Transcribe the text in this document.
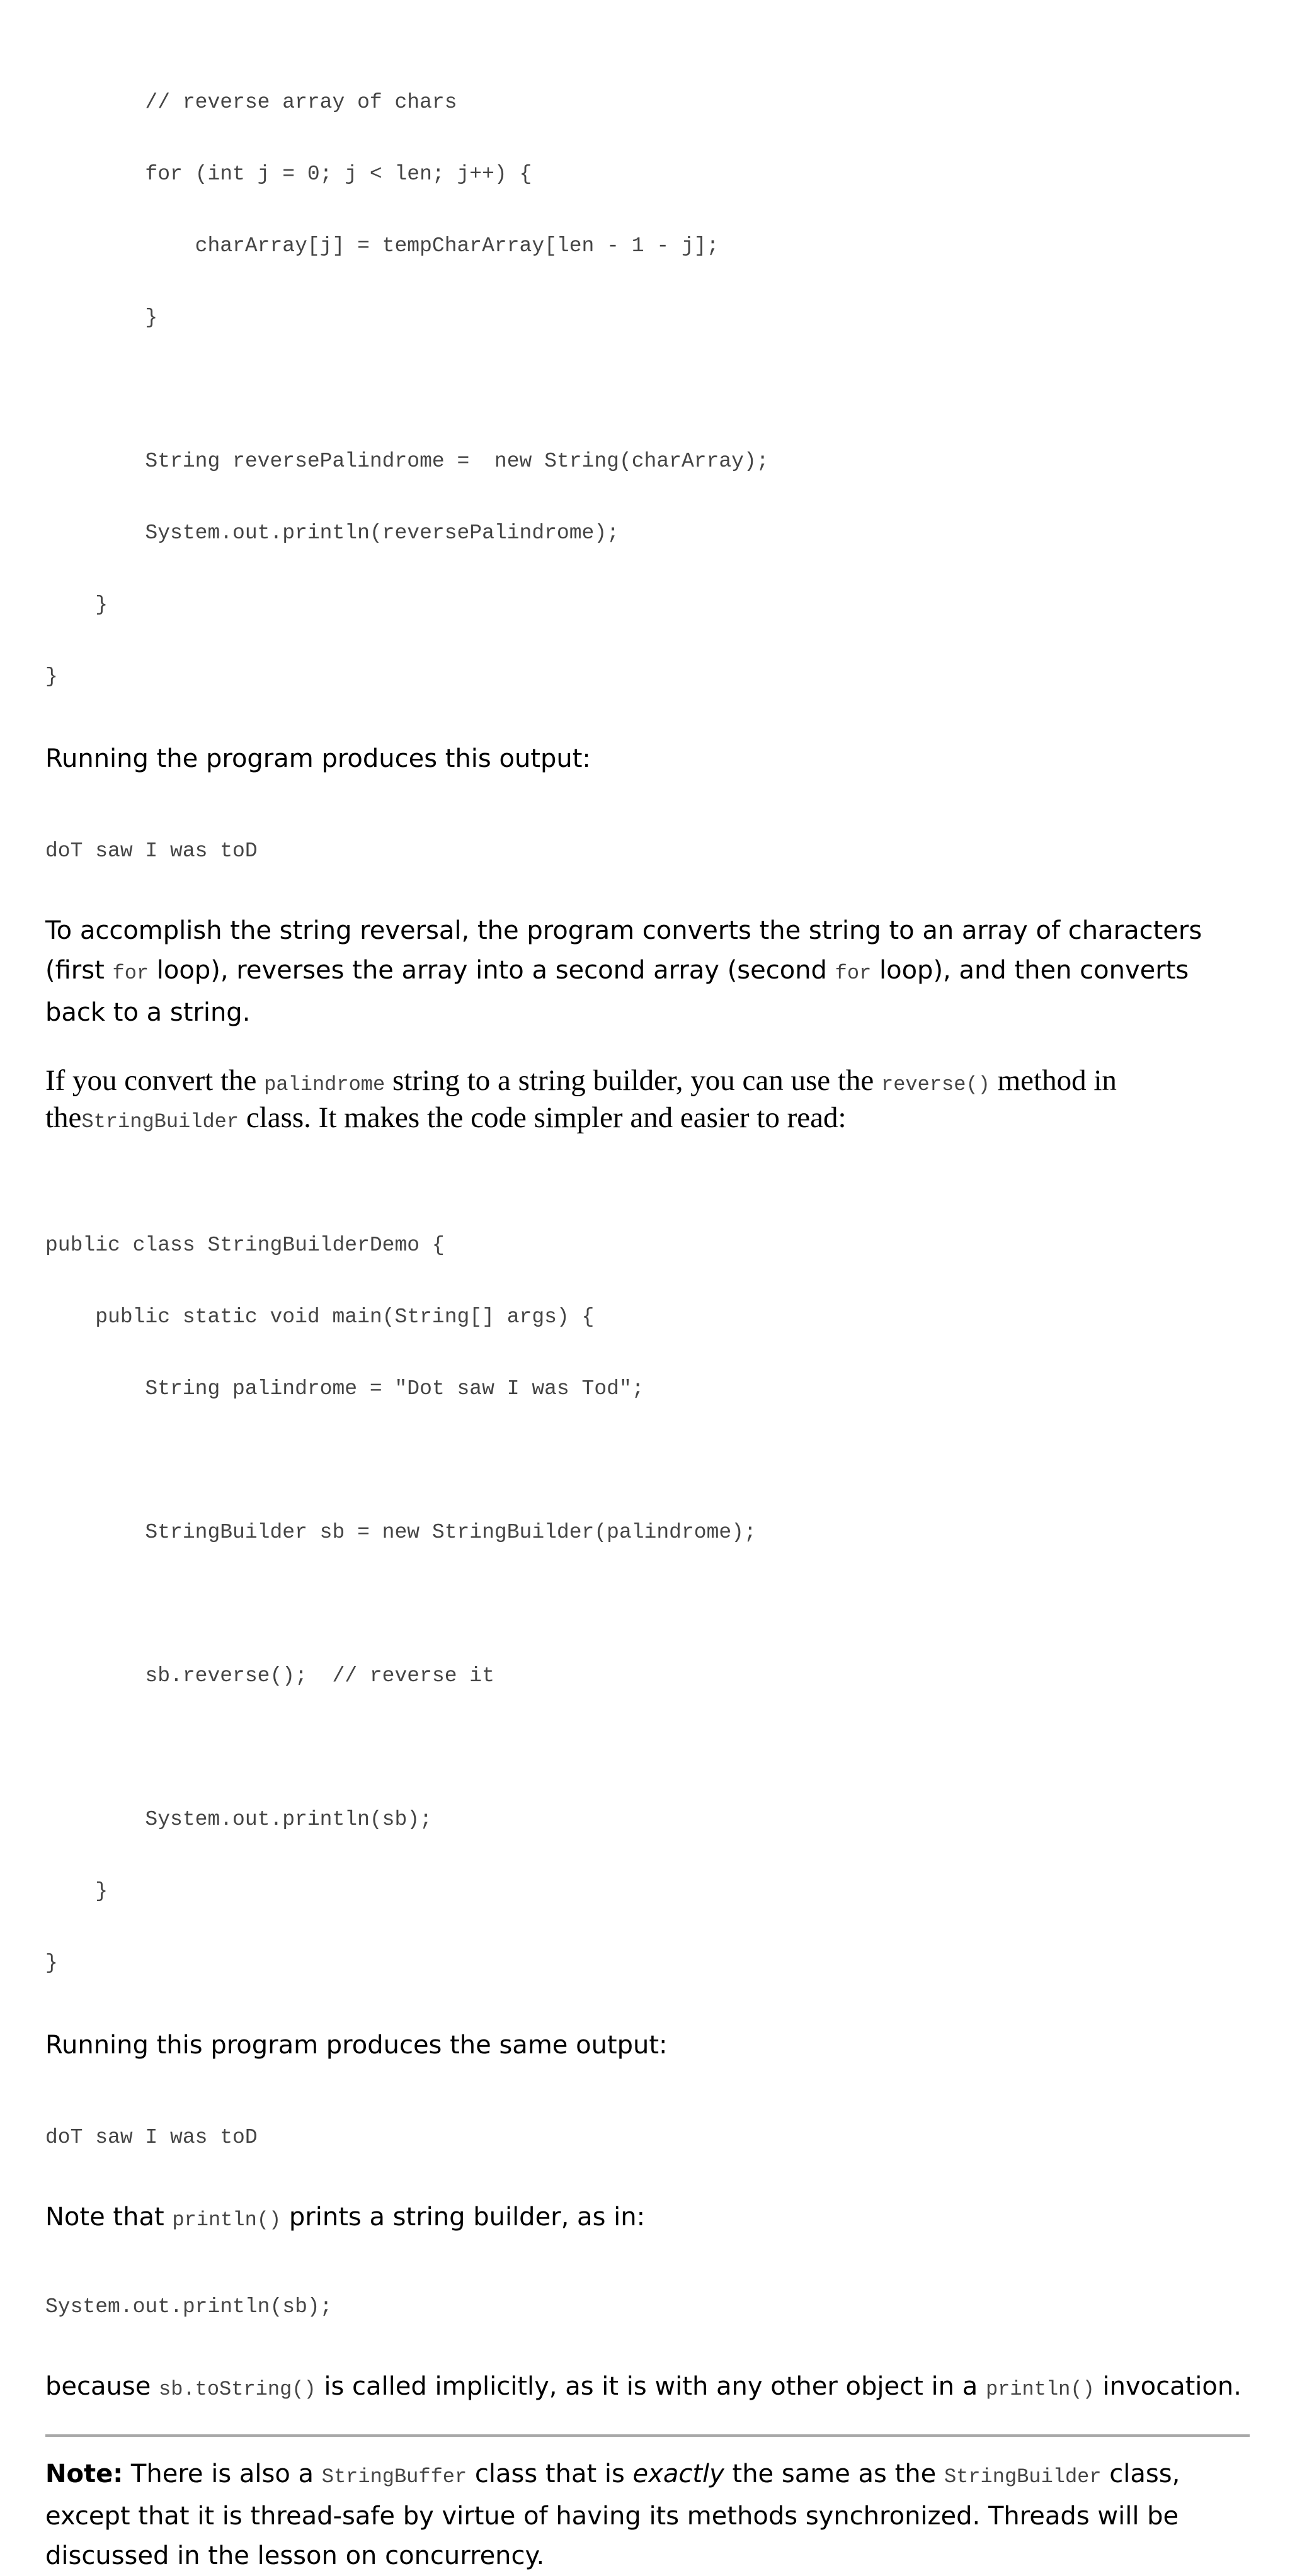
// reverse array of chars

for (int j = 0; j < len; j++) {

charArray[j] = tempCharArray[len - 1 - j];

}

String reversePalindrome =  new String(charArray);

System.out.println(reversePalindrome);

}

}

Running the program produces this output:

doT saw I was toD

To accomplish the string reversal, the program converts the string to an array of characters (first for loop), reverses the array into a second array (second for loop), and then converts back to a string.

If you convert the palindrome string to a string builder, you can use the reverse() method in theStringBuilder class. It makes the code simpler and easier to read:

public class StringBuilderDemo {

public static void main(String[] args) {

String palindrome = "Dot saw I was Tod";

StringBuilder sb = new StringBuilder(palindrome);

sb.reverse();  // reverse it

System.out.println(sb);

}

}

Running this program produces the same output:

doT saw I was toD

Note that println() prints a string builder, as in:

System.out.println(sb);

because sb.toString() is called implicitly, as it is with any other object in a println() invocation.

Note: There is also a StringBuffer class that is exactly the same as the StringBuilder class, except that it is thread-safe by virtue of having its methods synchronized. Threads will be discussed in the lesson on concurrency.
